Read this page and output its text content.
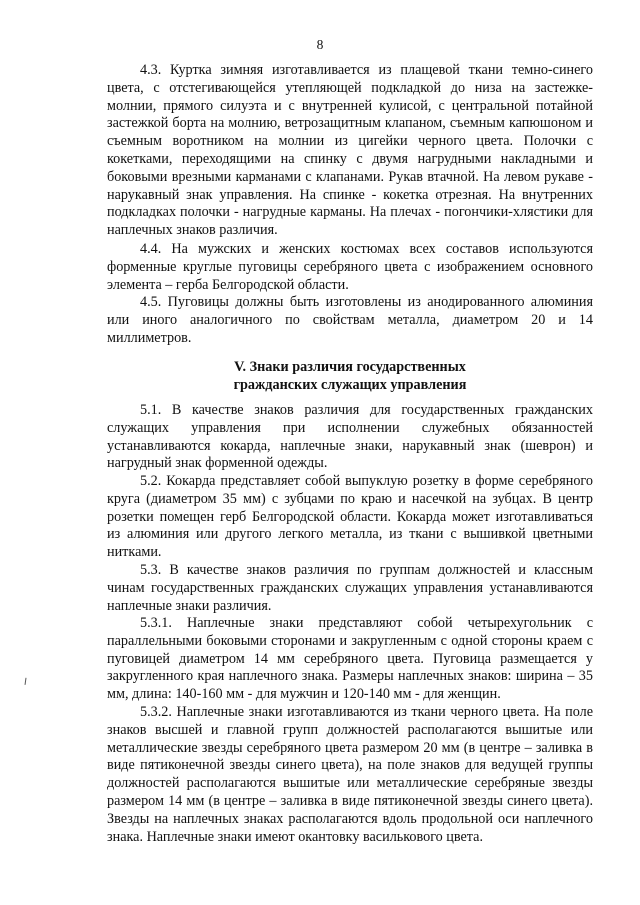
8

4.3. Куртка зимняя изготавливается из плащевой ткани темно-синего цвета, с отстегивающейся утепляющей подкладкой до низа на застежке-молнии, прямого силуэта и с внутренней кулисой, с центральной потайной застежкой борта на молнию, ветрозащитным клапаном, съемным капюшоном и съемным воротником на молнии из цигейки черного цвета. Полочки с кокетками, переходящими на спинку с двумя нагрудными накладными и боковыми врезными карманами с клапанами. Рукав втачной. На левом рукаве - нарукавный знак управления. На спинке - кокетка отрезная. На внутренних подкладках полочки - нагрудные карманы. На плечах - погончики-хлястики для наплечных знаков различия.

4.4. На мужских и женских костюмах всех составов используются форменные круглые пуговицы серебряного цвета с изображением основного элемента – герба Белгородской области.

4.5. Пуговицы должны быть изготовлены из анодированного алюминия или иного аналогичного по свойствам металла, диаметром 20 и 14 миллиметров.

V. Знаки различия государственных
гражданских служащих управления

5.1. В качестве знаков различия для государственных гражданских служащих управления при исполнении служебных обязанностей устанавливаются кокарда, наплечные знаки, нарукавный знак (шеврон) и нагрудный знак форменной одежды.

5.2. Кокарда представляет собой выпуклую розетку в форме серебряного круга (диаметром 35 мм) с зубцами по краю и насечкой на зубцах. В центр розетки помещен герб Белгородской области. Кокарда может изготавливаться из алюминия или другого легкого металла, из ткани с вышивкой цветными нитками.

5.3. В качестве знаков различия по группам должностей и классным чинам государственных гражданских служащих управления устанавливаются наплечные знаки различия.

5.3.1. Наплечные знаки представляют собой четырехугольник с параллельными боковыми сторонами и закругленным с одной стороны краем с пуговицей диаметром 14 мм серебряного цвета. Пуговица размещается у закругленного края наплечного знака. Размеры наплечных знаков: ширина – 35 мм, длина: 140-160 мм - для мужчин и 120-140 мм - для женщин.

5.3.2. Наплечные знаки изготавливаются из ткани черного цвета. На поле знаков высшей и главной групп должностей располагаются вышитые или металлические звезды серебряного цвета размером 20 мм (в центре – заливка в виде пятиконечной звезды синего цвета), на поле знаков для ведущей группы должностей располагаются вышитые или металлические серебряные звезды размером 14 мм (в центре – заливка в виде пятиконечной звезды синего цвета). Звезды на наплечных знаках располагаются вдоль продольной оси наплечного знака. Наплечные знаки имеют окантовку василькового цвета.
